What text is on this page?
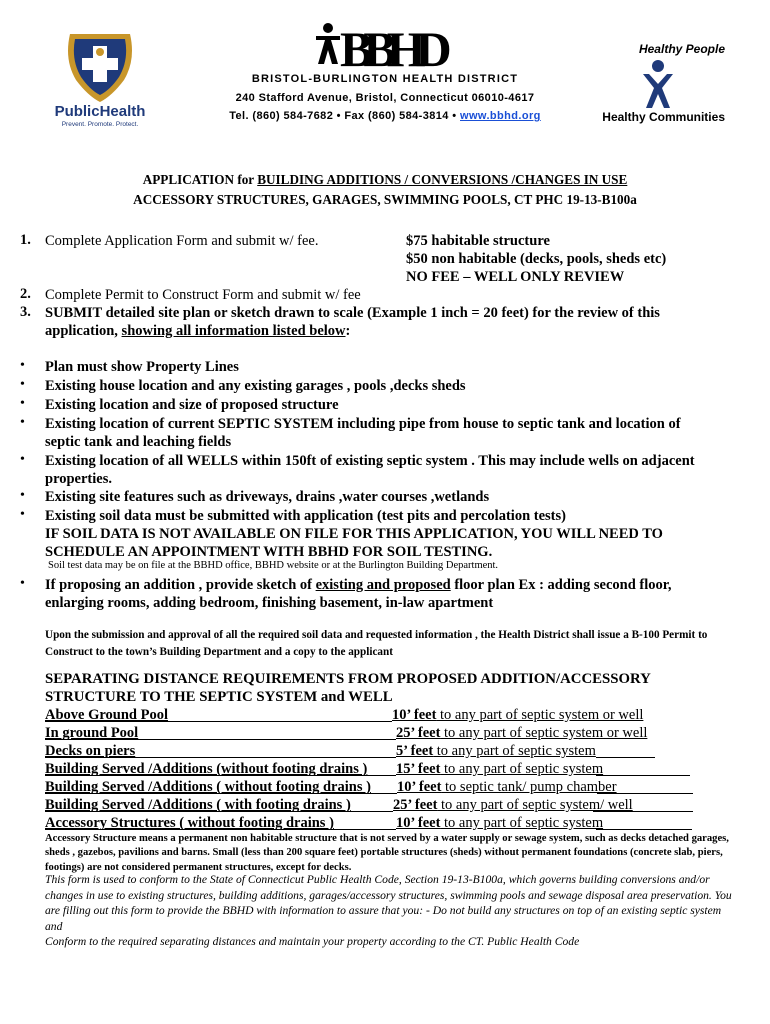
PublicHealth
Prevent. Promote. Protect.
BBHD
BRISTOL-BURLINGTON HEALTH DISTRICT
240 Stafford Avenue, Bristol, Connecticut 06010-4617
Tel. (860) 584-7682 • Fax (860) 584-3814 • www.bbhd.org
Healthy People
Healthy Communities
APPLICATION for BUILDING ADDITIONS / CONVERSIONS /CHANGES IN USE
ACCESSORY STRUCTURES, GARAGES, SWIMMING POOLS, CT PHC 19-13-B100a
1. Complete Application Form and submit w/ fee.	$75 habitable structure
$50 non habitable (decks, pools, sheds etc)
NO FEE – WELL ONLY REVIEW
2. Complete Permit to Construct Form and submit w/ fee
3. SUBMIT detailed site plan or sketch drawn to scale (Example 1 inch = 20 feet) for the review of this
application, showing all information listed below:
• Plan must show Property Lines
• Existing house location and any existing garages , pools ,decks sheds
• Existing location and size of proposed structure
• Existing location of current SEPTIC SYSTEM including pipe from house to septic tank and location of
septic tank and leaching fields
• Existing location of all WELLS within 150ft of existing septic system . This may include wells on adjacent
properties.
• Existing site features such as driveways, drains ,water courses ,wetlands
• Existing soil data must be submitted with application (test pits and percolation tests)
IF SOIL DATA IS NOT AVAILABLE ON FILE FOR THIS APPLICATION, YOU WILL NEED TO
SCHEDULE AN APPOINTMENT WITH BBHD FOR SOIL TESTING.
Soil test data may be on file at the BBHD office, BBHD website or at the Burlington Building Department.
• If proposing an addition , provide sketch of existing and proposed floor plan Ex : adding second floor,
enlarging rooms, adding bedroom, finishing basement, in-law apartment
Upon the submission and approval of all the required soil data and requested information , the Health District shall issue a B-100 Permit to Construct to the town’s Building Department and a copy to the applicant
SEPARATING DISTANCE REQUIREMENTS FROM PROPOSED ADDITION/ACCESSORY
STRUCTURE TO THE SEPTIC SYSTEM and WELL
Above Ground Pool	10’ feet to any part of septic system or well
In ground Pool	25’ feet to any part of septic system or well
Decks on piers	5’ feet to any part of septic system
Building Served /Additions (without footing drains ) 15’ feet to any part of septic system
Building Served /Additions ( without footing drains ) 10’ feet to septic tank/ pump chamber
Building Served /Additions ( with footing drains )	25’ feet to any part of septic system/ well
Accessory Structures ( without footing drains )	10’ feet to any part of septic system
Accessory Structure means a permanent non habitable structure that is not served by a water supply or sewage system, such as decks detached garages, sheds , gazebos, pavilions and barns. Small (less than 200 square feet) portable structures (sheds) without permanent foundations (concrete slab, piers, footings) are not considered permanent structures, except for decks.
This form is used to conform to the State of Connecticut Public Health Code, Section 19-13-B100a, which governs building conversions and/or changes in use to existing structures, building additions, garages/accessory structures, swimming pools and sewage disposal area preservation. You are filling out this form to provide the BBHD with information to assure that you: - Do not build any structures on top of an existing septic system and
Conform to the required separating distances and maintain your property according to the CT. Public Health Code
